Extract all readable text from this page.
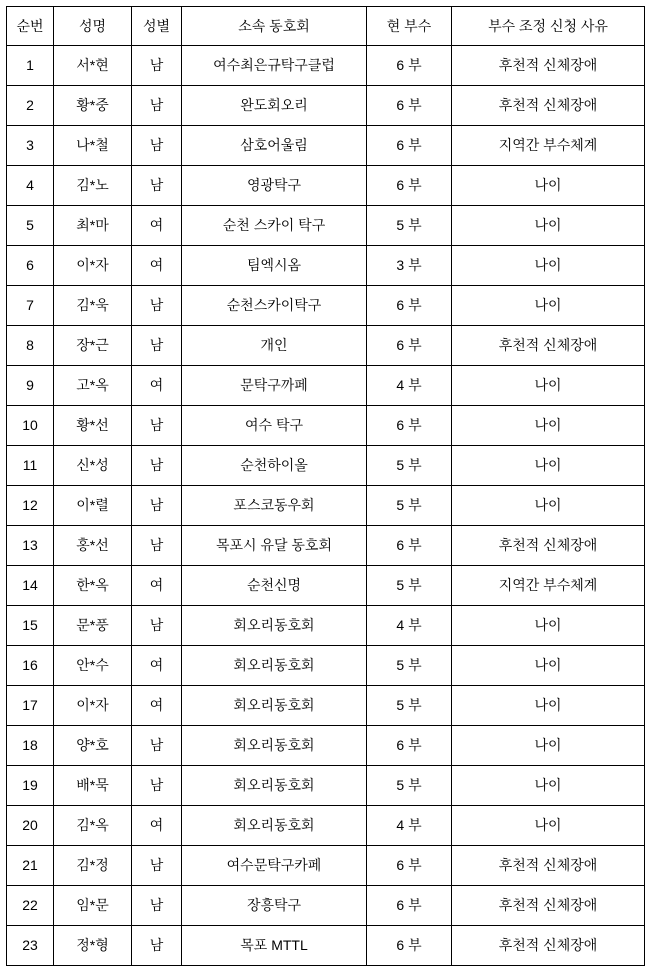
순번	성명	성별	소속 동호회	현 부수	부수 조정 신청 사유
1	서*현	남	여수최은규탁구클럽	6 부	후천적 신체장애
2	황*중	남	완도회오리	6 부	후천적 신체장애
3	나*철	남	삼호어울림	6 부	지역간 부수체계
4	김*노	남	영광탁구	6 부	나이
5	최*마	여	순천 스카이 탁구	5 부	나이
6	이*자	여	팀엑시옴	3 부	나이
7	김*욱	남	순천스카이탁구	6 부	나이
8	장*근	남	개인	6 부	후천적 신체장애
9	고*옥	여	문탁구까페	4 부	나이
10	황*선	남	여수 탁구	6 부	나이
11	신*성	남	순천하이올	5 부	나이
12	이*렬	남	포스코동우회	5 부	나이
13	홍*선	남	목포시 유달 동호회	6 부	후천적 신체장애
14	한*옥	여	순천신명	5 부	지역간 부수체계
15	문*풍	남	회오리동호회	4 부	나이
16	안*수	여	회오리동호회	5 부	나이
17	이*자	여	회오리동호회	5 부	나이
18	양*호	남	회오리동호회	6 부	나이
19	배*묵	남	회오리동호회	5 부	나이
20	김*옥	여	회오리동호회	4 부	나이
21	김*정	남	여수문탁구카페	6 부	후천적 신체장애
22	임*문	남	장흥탁구	6 부	후천적 신체장애
23	정*형	남	목포 MTTL	6 부	후천적 신체장애
